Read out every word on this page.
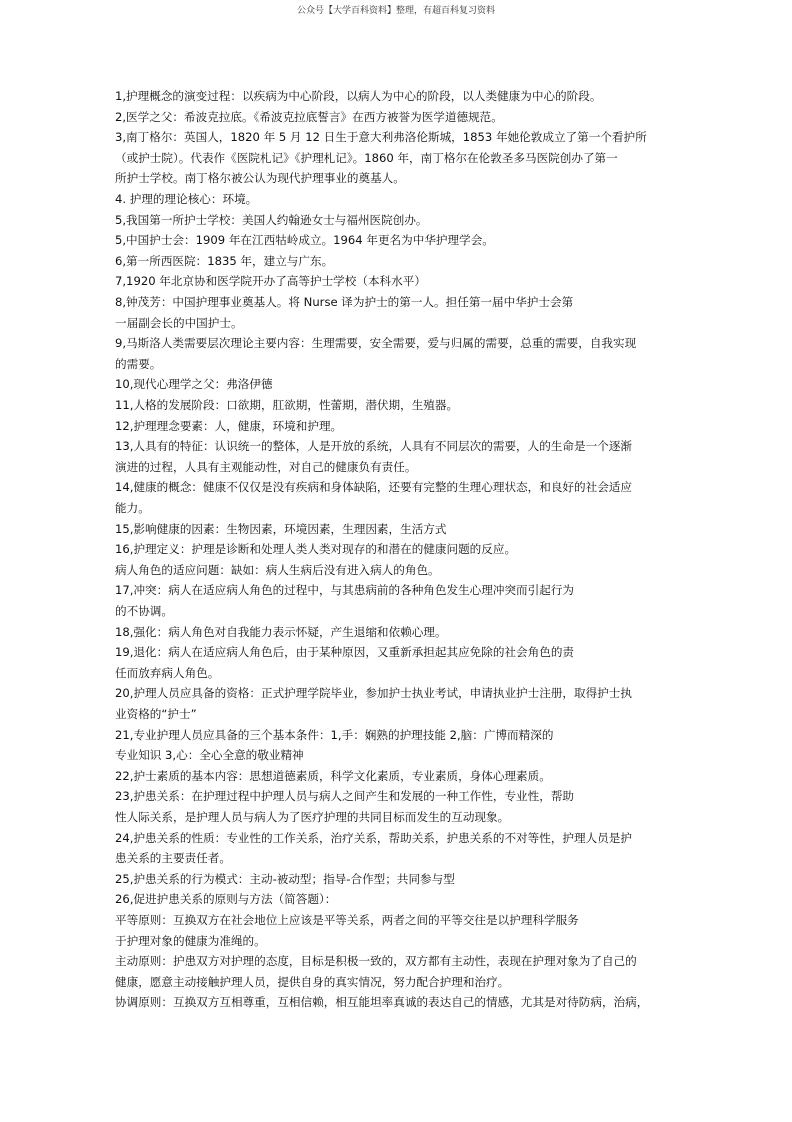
公众号【大学百科资料】整理，有超百科复习资料
1,护理概念的演变过程：以疾病为中心阶段，以病人为中心的阶段，以人类健康为中心的阶段。
2,医学之父：希波克拉底。《希波克拉底誓言》在西方被誉为医学道德规范。
3,南丁格尔：英国人，1820 年 5 月 12 日生于意大利弗洛伦斯城，1853 年她伦敦成立了第一个看护所
（或护士院）。代表作《医院札记》《护理札记》。1860 年，南丁格尔在伦敦圣多马医院创办了第一
所护士学校。南丁格尔被公认为现代护理事业的奠基人。
4. 护理的理论核心：环境。
5,我国第一所护士学校：美国人约翰逊女士与福州医院创办。
5,中国护士会：1909 年在江西牯岭成立。1964 年更名为中华护理学会。
6,第一所西医院：1835 年，建立与广东。
7,1920 年北京协和医学院开办了高等护士学校（本科水平）
8,钟茂芳：中国护理事业奠基人。将 Nurse 译为护士的第一人。担任第一届中华护士会第
一届副会长的中国护士。
9,马斯洛人类需要层次理论主要内容：生理需要，安全需要，爱与归属的需要，总重的需要，自我实现
的需要。
10,现代心理学之父：弗洛伊德
11,人格的发展阶段：口欲期，肛欲期，性蕾期，潜伏期，生殖器。
12,护理理念要素：人，健康，环境和护理。
13,人具有的特征：认识统一的整体，人是开放的系统，人具有不同层次的需要，人的生命是一个逐渐
演进的过程，人具有主观能动性，对自己的健康负有责任。
14,健康的概念：健康不仅仅是没有疾病和身体缺陷，还要有完整的生理心理状态，和良好的社会适应
能力。
15,影响健康的因素：生物因素，环境因素，生理因素，生活方式
16,护理定义：护理是诊断和处理人类人类对现存的和潜在的健康问题的反应。
病人角色的适应问题：缺如：病人生病后没有进入病人的角色。
17,冲突：病人在适应病人角色的过程中，与其患病前的各种角色发生心理冲突而引起行为
的不协调。
18,强化：病人角色对自我能力表示怀疑，产生退缩和依赖心理。
19,退化：病人在适应病人角色后，由于某种原因，又重新承担起其应免除的社会角色的责
任而放弃病人角色。
20,护理人员应具备的资格：正式护理学院毕业，参加护士执业考试，申请执业护士注册，取得护士执
业资格的“护士”
21,专业护理人员应具备的三个基本条件：1,手：娴熟的护理技能 2,脑：广博而精深的
专业知识 3,心：全心全意的敬业精神
22,护士素质的基本内容：思想道德素质，科学文化素质，专业素质，身体心理素质。
23,护患关系：在护理过程中护理人员与病人之间产生和发展的一种工作性，专业性，帮助
性人际关系，是护理人员与病人为了医疗护理的共同目标而发生的互动现象。
24,护患关系的性质：专业性的工作关系，治疗关系，帮助关系，护患关系的不对等性，护理人员是护
患关系的主要责任者。
25,护患关系的行为模式：主动-被动型；指导-合作型；共同参与型
26,促进护患关系的原则与方法（简答题）：
平等原则：互换双方在社会地位上应该是平等关系，两者之间的平等交往是以护理科学服务
于护理对象的健康为准绳的。
主动原则：护患双方对护理的态度，目标是积极一致的，双方都有主动性，表现在护理对象为了自己的
健康，愿意主动接触护理人员，提供自身的真实情况，努力配合护理和治疗。
协调原则：互换双方互相尊重，互相信赖，相互能坦率真诚的表达自己的情感，尤其是对待防病，治病，
